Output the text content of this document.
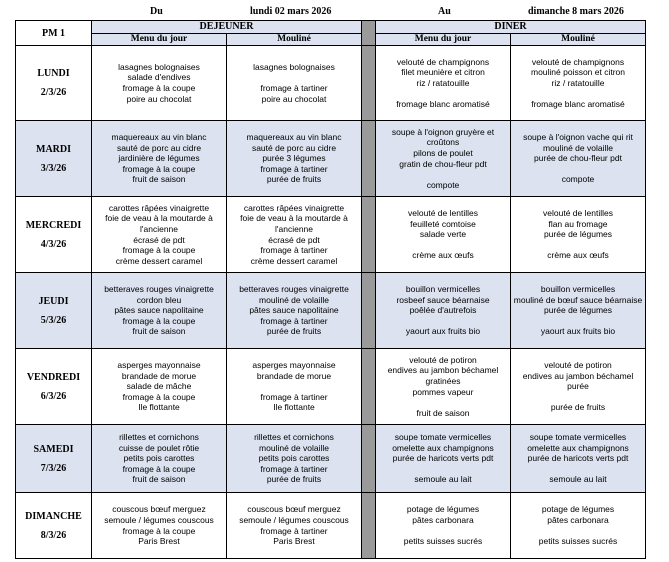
Du	lundi 02 mars 2026	Au	dimanche 8 mars 2026
PM 1	DEJEUNER			DINER	
	Menu du jour	Mouliné		Menu du jour	Mouliné

LUNDI
2/3/26	lasagnes bolognaises
salade d'endives
fromage à la coupe
poire au chocolat	lasagnes bolognaises
fromage à tartiner
poire au chocolat		velouté de champignons
filet meunière et citron
riz / ratatouille
fromage blanc aromatisé	velouté de champignons
mouliné poisson et citron
riz / ratatouille
fromage blanc aromatisé

MARDI
3/3/26	maquereaux au vin blanc
sauté de porc au cidre
jardinière de légumes
fromage à la coupe
fruit de saison	maquereaux au vin blanc
sauté de porc au cidre
purée 3 légumes
fromage à tartiner
purée de fruits		soupe à l'oignon gruyère et croûtons
pilons de poulet
gratin de chou-fleur pdt
compote	soupe à l'oignon vache qui rit
mouliné de volaille
purée de chou-fleur pdt
compote

MERCREDI
4/3/26	carottes râpées vinaigrette
foie de veau à la moutarde à l'ancienne
écrasé de pdt
fromage à la coupe
crème dessert caramel	carottes râpées vinaigrette
foie de veau à la moutarde à l'ancienne
écrasé de pdt
fromage à tartiner
crème dessert caramel		velouté de lentilles
feuilleté comtoise
salade verte
crème aux œufs	velouté de lentilles
flan au fromage
purée de légumes
crème aux œufs

JEUDI
5/3/26	betteraves rouges vinaigrette
cordon bleu
pâtes sauce napolitaine
fromage à la coupe
fruit de saison	betteraves rouges vinaigrette
mouliné de volaille
pâtes sauce napolitaine
fromage à tartiner
purée de fruits		bouillon vermicelles
rosbeef sauce béarnaise
poêlée d'autrefois
yaourt aux fruits bio	bouillon vermicelles
mouliné de bœuf sauce béarnaise
purée de légumes
yaourt aux fruits bio

VENDREDI
6/3/26	asperges mayonnaise
brandade de morue
salade de mâche
fromage à la coupe
Ile flottante	asperges mayonnaise
brandade de morue
fromage à tartiner
Ile flottante		velouté de potiron
endives au jambon béchamel gratinées
pommes vapeur
fruit de saison	velouté de potiron
endives au jambon béchamel
purée
purée de fruits

SAMEDI
7/3/26	rillettes et cornichons
cuisse de poulet rôtie
petits pois carottes
fromage à la coupe
fruit de saison	rillettes et cornichons
mouliné de volaille
petits pois carottes
fromage à tartiner
purée de fruits		soupe tomate vermicelles
omelette aux champignons
purée de haricots verts pdt
semoule au lait	soupe tomate vermicelles
omelette aux champignons
purée de haricots verts pdt
semoule au lait

DIMANCHE
8/3/26	couscous bœuf merguez
semoule / légumes couscous
fromage à la coupe
Paris Brest	couscous bœuf merguez
semoule / légumes couscous
fromage à tartiner
Paris Brest		potage de légumes
pâtes carbonara
petits suisses sucrés	potage de légumes
pâtes carbonara
petits suisses sucrés
